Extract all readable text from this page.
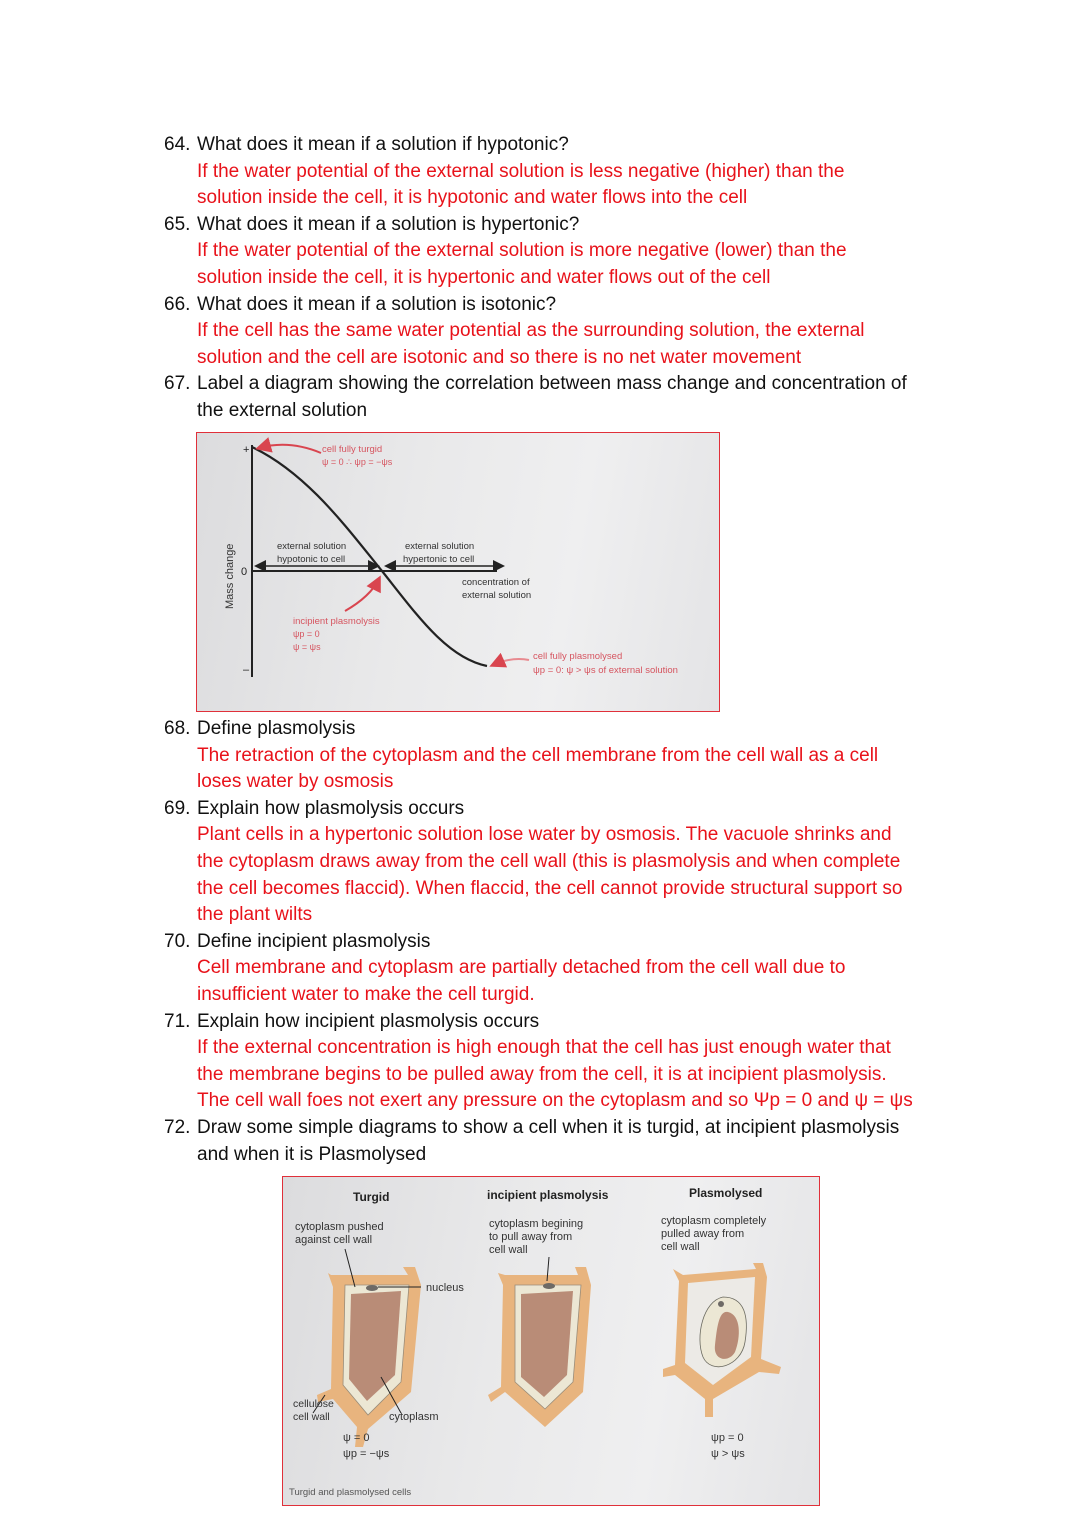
64. What does it mean if a solution if hypotonic?
If the water potential of the external solution is less negative (higher) than the
solution inside the cell, it is hypotonic and water flows into the cell
65. What does it mean if a solution is hypertonic?
If the water potential of the external solution is more negative (lower) than the
solution inside the cell, it is hypertonic and water flows out of the cell
66. What does it mean if a solution is isotonic?
If the cell has the same water potential as the surrounding solution, the external
solution and the cell are isotonic and so there is no net water movement
67. Label a diagram showing the correlation between mass change and concentration of
the external solution
+
0
–
Mass change	external solution
hypotonic to cell
external solution
hypertonic to cell
concentration of
external solution
cell fully turgid
ψ = 0 ∴ ψp = −ψs
incipient plasmolysis
ψp = 0
ψ = ψs
cell fully plasmolysed
ψp = 0: ψ > ψs of external solution
68. Define plasmolysis
The retraction of the cytoplasm and the cell membrane from the cell wall as a cell
loses water by osmosis
69. Explain how plasmolysis occurs
Plant cells in a hypertonic solution lose water by osmosis. The vacuole shrinks and
the cytoplasm draws away from the cell wall (this is plasmolysis and when complete
the cell becomes flaccid). When flaccid, the cell cannot provide structural support so
the plant wilts
70. Define incipient plasmolysis
Cell membrane and cytoplasm are partially detached from the cell wall due to
insufficient water to make the cell turgid.
71. Explain how incipient plasmolysis occurs
If the external concentration is high enough that the cell has just enough water that
the membrane begins to be pulled away from the cell, it is at incipient plasmolysis.
The cell wall foes not exert any pressure on the cytoplasm and so Ψp = 0 and ψ = ψs
72. Draw some simple diagrams to show a cell when it is turgid, at incipient plasmolysis
and when it is Plasmolysed
Turgid
cytoplasm pushed
against cell wall
nucleus
cellulose
cell wall	cytoplasm
ψ = 0
ψp = −ψs
incipient plasmolysis
cytoplasm begining
to pull away from
cell wall
Plasmolysed
cytoplasm completely
pulled away from
cell wall
ψp = 0
ψ > ψs
Turgid and plasmolysed cells
